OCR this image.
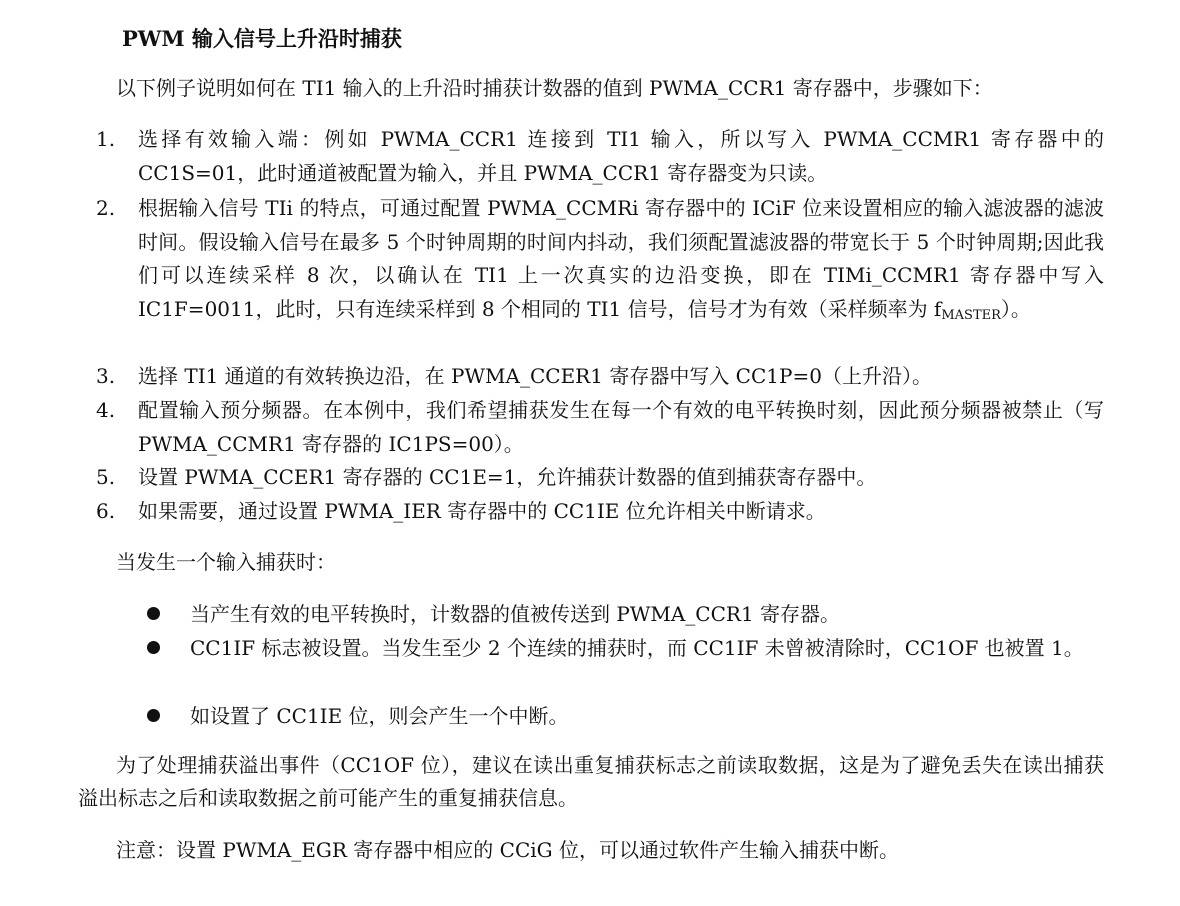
PWM 输入信号上升沿时捕获
以下例子说明如何在 TI1 输入的上升沿时捕获计数器的值到 PWMA_CCR1 寄存器中，步骤如下：
1.	选择有效输入端：例如 PWMA_CCR1 连接到 TI1 输入，所以写入 PWMA_CCMR1 寄存器中的 CC1S=01，此时通道被配置为输入，并且 PWMA_CCR1 寄存器变为只读。
2.	根据输入信号 TIi 的特点，可通过配置 PWMA_CCMRi 寄存器中的 ICiF 位来设置相应的输入滤波器的滤波时间。假设输入信号在最多 5 个时钟周期的时间内抖动，我们须配置滤波器的带宽长于 5 个时钟周期;因此我们可以连续采样 8 次，以确认在 TI1 上一次真实的边沿变换，即在 TIMi_CCMR1 寄存器中写入 IC1F=0011，此时，只有连续采样到 8 个相同的 TI1 信号，信号才为有效（采样频率为 $f_{MASTER}$）。
3.	选择 TI1 通道的有效转换边沿，在 PWMA_CCER1 寄存器中写入 CC1P=0（上升沿）。
4.	配置输入预分频器。在本例中，我们希望捕获发生在每一个有效的电平转换时刻，因此预分频器被禁止（写 PWMA_CCMR1 寄存器的 IC1PS=00）。
5.	设置 PWMA_CCER1 寄存器的 CC1E=1，允许捕获计数器的值到捕获寄存器中。
6.	如果需要，通过设置 PWMA_IER 寄存器中的 CC1IE 位允许相关中断请求。
当发生一个输入捕获时：
当产生有效的电平转换时，计数器的值被传送到 PWMA_CCR1 寄存器。
CC1IF 标志被设置。当发生至少 2 个连续的捕获时，而 CC1IF 未曾被清除时，CC1OF 也被置 1。
如设置了 CC1IE 位，则会产生一个中断。
为了处理捕获溢出事件（CC1OF 位），建议在读出重复捕获标志之前读取数据，这是为了避免丢失在读出捕获溢出标志之后和读取数据之前可能产生的重复捕获信息。
注意：设置 PWMA_EGR 寄存器中相应的 CCiG 位，可以通过软件产生输入捕获中断。
